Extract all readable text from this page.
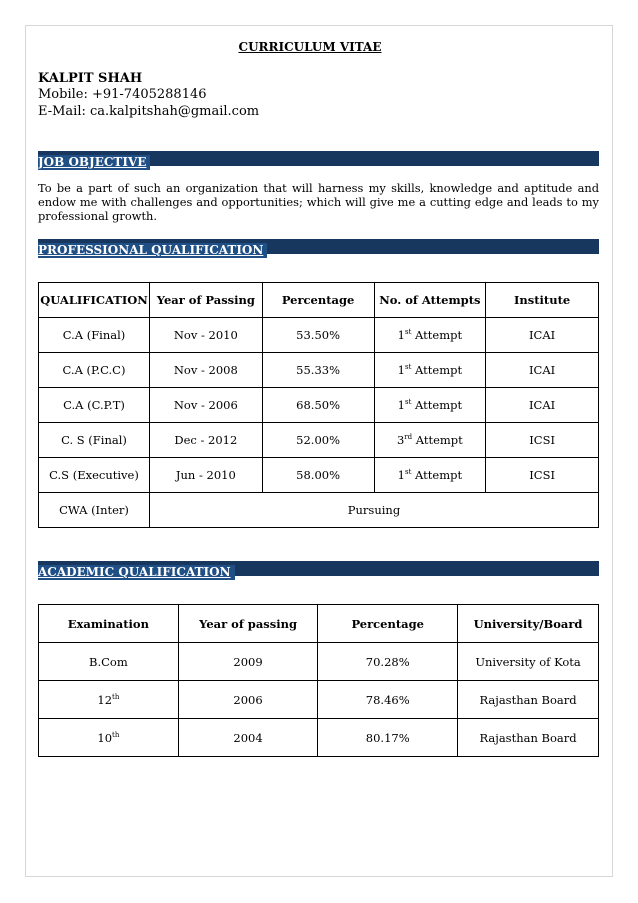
CURRICULUM VITAE
KALPIT SHAH
Mobile: +91-7405288146
E-Mail: ca.kalpitshah@gmail.com
JOB OBJECTIVE
To be a part of such an organization that will harness my skills, knowledge and aptitude and endow me with challenges and opportunities; which will give me a cutting edge and leads to my professional growth.
PROFESSIONAL QUALIFICATION
QUALIFICATION	Year of Passing	Percentage	No. of Attempts	Institute
C.A (Final)	Nov - 2010	53.50%	1st Attempt	ICAI
C.A (P.C.C)	Nov - 2008	55.33%	1st Attempt	ICAI
C.A (C.P.T)	Nov - 2006	68.50%	1st Attempt	ICAI
C. S (Final)	Dec - 2012	52.00%	3rd Attempt	ICSI
C.S (Executive)	Jun - 2010	58.00%	1st Attempt	ICSI
CWA (Inter)	Pursuing			
ACADEMIC QUALIFICATION
Examination	Year of passing	Percentage	University/Board
B.Com	2009	70.28%	University of Kota
12th	2006	78.46%	Rajasthan Board
10th	2004	80.17%	Rajasthan Board
